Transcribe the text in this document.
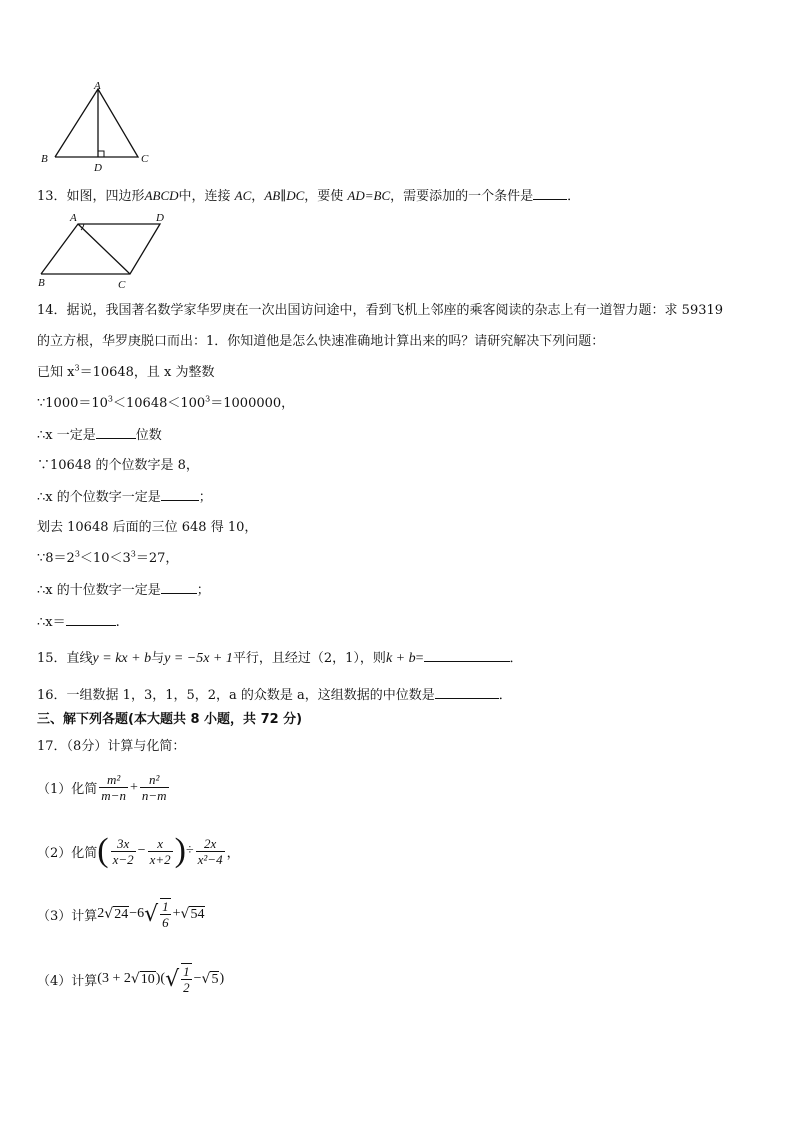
A
B	C
D
13．如图，四边形ABCD中，连接 AC，AB∥DC，要使 AD=BC，需要添加的一个条件是	．
A	D
B	C
14．据说，我国著名数学家华罗庚在一次出国访问途中，看到飞机上邻座的乘客阅读的杂志上有一道智力题：求 59319
的立方根，华罗庚脱口而出：1．你知道他是怎么快速准确地计算出来的吗？请研究解决下列问题：
已知 $x^3=10648$，且 x 为整数
$\because 1000=10^3<10648<100^3=1000000$，
∴x 一定是	位数
∵10648 的个位数字是 8，
∴x 的个位数字一定是	；
划去 10648 后面的三位 648 得 10，
$\because 8=2^3<10<3^3=27$，
∴x 的十位数字一定是	；
∴x＝	.
15．直线y = kx + b与y = −5x + 1平行，且经过（2，1），则k + b=	．
16．一组数据 1，3，1，5，2，a 的众数是 a，这组数据的中位数是	．
三、解下列各题(本大题共 8 小题，共 72 分)
17．（8分）计算与化简：
（1）化简 $\frac{\text{m²}}{m-n} + \frac{\text{n²}}{n-m}$
（2）化简 ( $\frac{3x}{x-2} - \frac{x}{x+2}$ ) ÷ $\frac{2x}{\text{x²−4}}$ ，
（3）计算 2 √ 24 −6 √ $\frac{1}{6}$ + √ 54
（4）计算 (3 + 2 √ 10 )( √ $\frac{1}{2}$ − √ 5 )
